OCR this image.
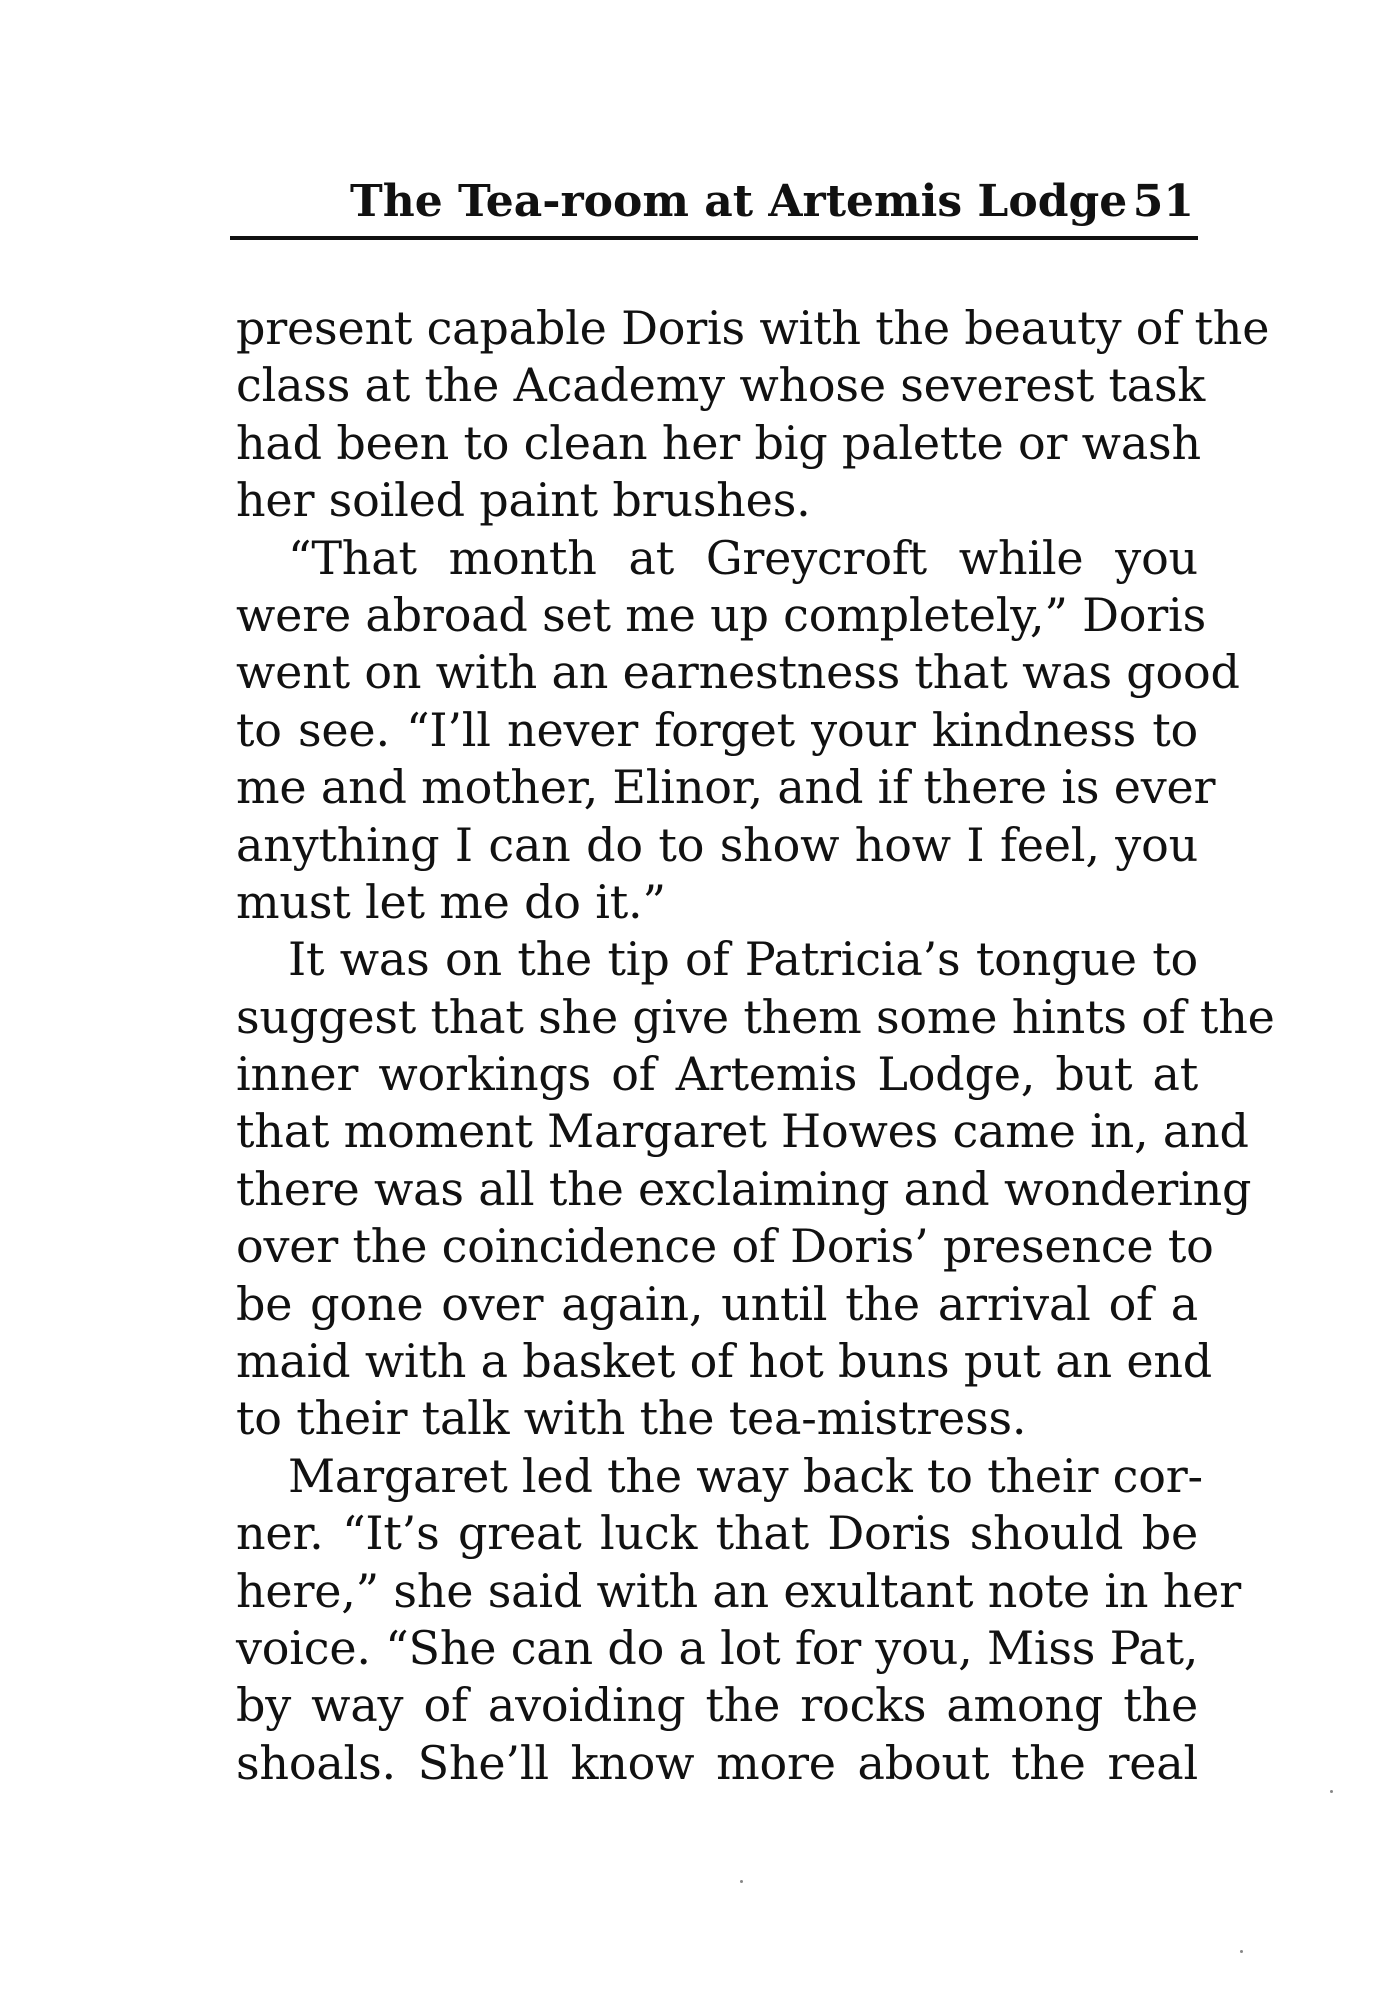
The Tea-room at Artemis Lodge 51
present capable Doris with the beauty of the
class at the Academy whose severest task
had been to clean her big palette or wash
her soiled paint brushes.
“That month at Greycroft while you
were abroad set me up completely,” Doris
went on with an earnestness that was good
to see. “I’ll never forget your kindness to
me and mother, Elinor, and if there is ever
anything I can do to show how I feel, you
must let me do it.”
It was on the tip of Patricia’s tongue to
suggest that she give them some hints of the
inner workings of Artemis Lodge, but at
that moment Margaret Howes came in, and
there was all the exclaiming and wondering
over the coincidence of Doris’ presence to
be gone over again, until the arrival of a
maid with a basket of hot buns put an end
to their talk with the tea-mistress.
Margaret led the way back to their cor-
ner. “It’s great luck that Doris should be
here,” she said with an exultant note in her
voice. “She can do a lot for you, Miss Pat,
by way of avoiding the rocks among the
shoals. She’ll know more about the real
